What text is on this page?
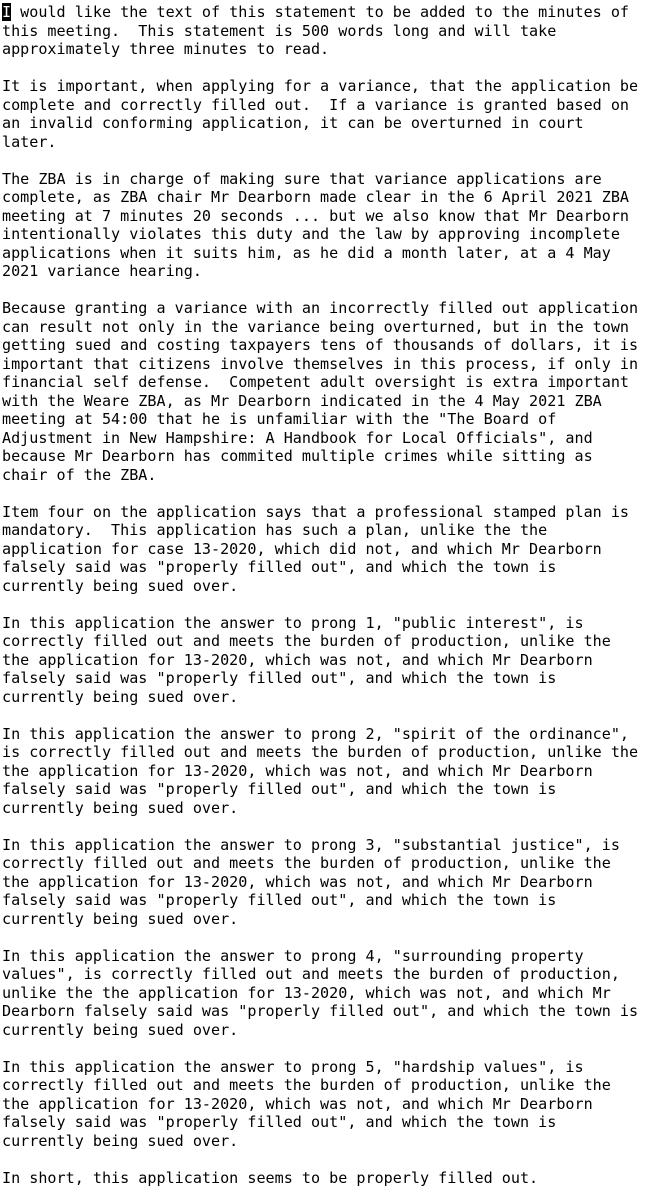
I would like the text of this statement to be added to the minutes of
this meeting.  This statement is 500 words long and will take
approximately three minutes to read.
It is important, when applying for a variance, that the application be
complete and correctly filled out.  If a variance is granted based on
an invalid conforming application, it can be overturned in court
later.
The ZBA is in charge of making sure that variance applications are
complete, as ZBA chair Mr Dearborn made clear in the 6 April 2021 ZBA
meeting at 7 minutes 20 seconds ... but we also know that Mr Dearborn
intentionally violates this duty and the law by approving incomplete
applications when it suits him, as he did a month later, at a 4 May
2021 variance hearing.
Because granting a variance with an incorrectly filled out application
can result not only in the variance being overturned, but in the town
getting sued and costing taxpayers tens of thousands of dollars, it is
important that citizens involve themselves in this process, if only in
financial self defense.  Competent adult oversight is extra important
with the Weare ZBA, as Mr Dearborn indicated in the 4 May 2021 ZBA
meeting at 54:00 that he is unfamiliar with the "The Board of
Adjustment in New Hampshire: A Handbook for Local Officials", and
because Mr Dearborn has commited multiple crimes while sitting as
chair of the ZBA.
Item four on the application says that a professional stamped plan is
mandatory.  This application has such a plan, unlike the the
application for case 13-2020, which did not, and which Mr Dearborn
falsely said was "properly filled out", and which the town is
currently being sued over.
In this application the answer to prong 1, "public interest", is
correctly filled out and meets the burden of production, unlike the
the application for 13-2020, which was not, and which Mr Dearborn
falsely said was "properly filled out", and which the town is
currently being sued over.
In this application the answer to prong 2, "spirit of the ordinance",
is correctly filled out and meets the burden of production, unlike the
the application for 13-2020, which was not, and which Mr Dearborn
falsely said was "properly filled out", and which the town is
currently being sued over.
In this application the answer to prong 3, "substantial justice", is
correctly filled out and meets the burden of production, unlike the
the application for 13-2020, which was not, and which Mr Dearborn
falsely said was "properly filled out", and which the town is
currently being sued over.
In this application the answer to prong 4, "surrounding property
values", is correctly filled out and meets the burden of production,
unlike the the application for 13-2020, which was not, and which Mr
Dearborn falsely said was "properly filled out", and which the town is
currently being sued over.
In this application the answer to prong 5, "hardship values", is
correctly filled out and meets the burden of production, unlike the
the application for 13-2020, which was not, and which Mr Dearborn
falsely said was "properly filled out", and which the town is
currently being sued over.
In short, this application seems to be properly filled out.
